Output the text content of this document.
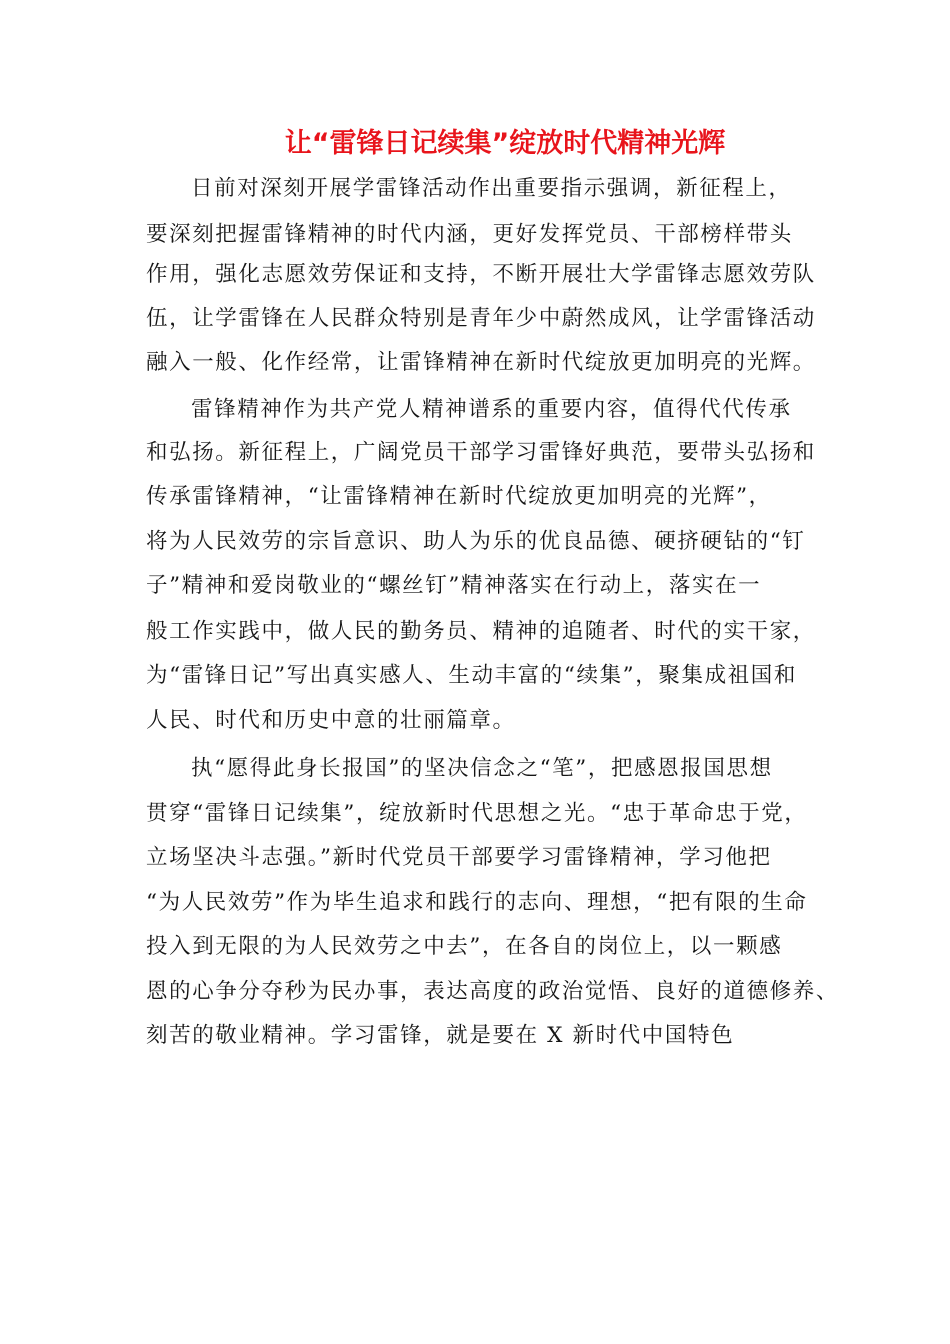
让“雷锋日记续集”绽放时代精神光辉
日前对深刻开展学雷锋活动作出重要指示强调，新征程上，
要深刻把握雷锋精神的时代内涵，更好发挥党员、干部榜样带头
作用，强化志愿效劳保证和支持，不断开展壮大学雷锋志愿效劳队
伍，让学雷锋在人民群众特别是青年少中蔚然成风，让学雷锋活动
融入一般、化作经常，让雷锋精神在新时代绽放更加明亮的光辉。
雷锋精神作为共产党人精神谱系的重要内容，值得代代传承
和弘扬。新征程上，广阔党员干部学习雷锋好典范，要带头弘扬和
传承雷锋精神，“让雷锋精神在新时代绽放更加明亮的光辉”，
将为人民效劳的宗旨意识、助人为乐的优良品德、硬挤硬钻的“钉
子”精神和爱岗敬业的“螺丝钉”精神落实在行动上，落实在一
般工作实践中，做人民的勤务员、精神的追随者、时代的实干家，
为“雷锋日记”写出真实感人、生动丰富的“续集”，聚集成祖国和
人民、时代和历史中意的壮丽篇章。
执“愿得此身长报国”的坚决信念之“笔”，把感恩报国思想
贯穿“雷锋日记续集”，绽放新时代思想之光。“忠于革命忠于党，
立场坚决斗志强。”新时代党员干部要学习雷锋精神，学习他把
“为人民效劳”作为毕生追求和践行的志向、理想，“把有限的生命
投入到无限的为人民效劳之中去”，在各自的岗位上，以一颗感
恩的心争分夺秒为民办事，表达高度的政治觉悟、良好的道德修养、
刻苦的敬业精神。学习雷锋，就是要在 X 新时代中国特色
